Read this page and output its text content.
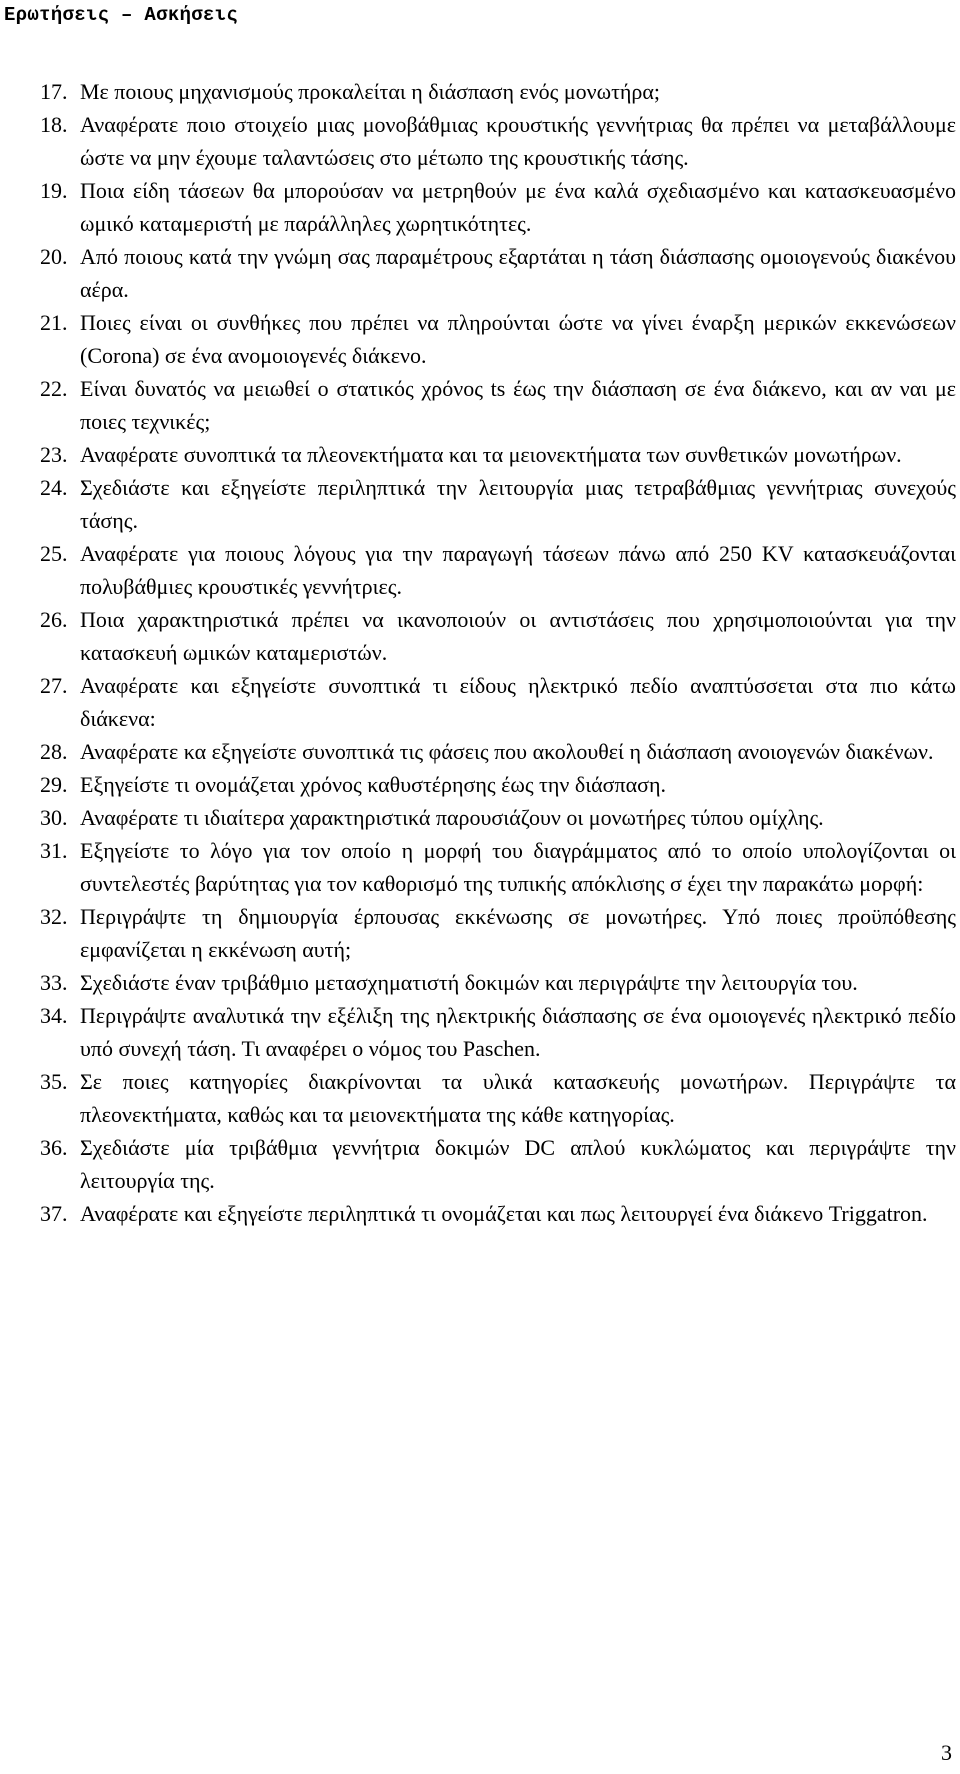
Ερωτήσεις – Ασκήσεις
17. Με ποιους μηχανισμούς προκαλείται η διάσπαση ενός μονωτήρα;
18. Αναφέρατε ποιο στοιχείο μιας μονοβάθμιας κρουστικής γεννήτριας θα πρέπει να μεταβάλλουμε ώστε να μην έχουμε ταλαντώσεις στο μέτωπο της κρουστικής τάσης.
19. Ποια είδη τάσεων θα μπορούσαν να μετρηθούν με ένα καλά σχεδιασμένο και κατασκευασμένο ωμικό καταμεριστή με παράλληλες χωρητικότητες.
20. Από ποιους κατά την γνώμη σας παραμέτρους εξαρτάται η τάση διάσπασης ομοιογενούς διακένου αέρα.
21. Ποιες είναι οι συνθήκες που πρέπει να πληρούνται ώστε να γίνει έναρξη μερικών εκκενώσεων (Corona) σε ένα ανομοιογενές διάκενο.
22. Είναι δυνατός να μειωθεί ο στατικός χρόνος ts έως την διάσπαση σε ένα διάκενο, και αν ναι με ποιες τεχνικές;
23. Αναφέρατε συνοπτικά τα πλεονεκτήματα και τα μειονεκτήματα των συνθετικών μονωτήρων.
24. Σχεδιάστε και εξηγείστε περιληπτικά την λειτουργία μιας τετραβάθμιας γεννήτριας συνεχούς τάσης.
25. Αναφέρατε για ποιους λόγους για την παραγωγή τάσεων πάνω από 250 KV κατασκευάζονται πολυβάθμιες κρουστικές γεννήτριες.
26. Ποια χαρακτηριστικά πρέπει να ικανοποιούν οι αντιστάσεις που χρησιμοποιούνται για την κατασκευή ωμικών καταμεριστών.
27. Αναφέρατε και εξηγείστε συνοπτικά τι είδους ηλεκτρικό πεδίο αναπτύσσεται στα πιο κάτω διάκενα:
28. Αναφέρατε κα εξηγείστε συνοπτικά τις φάσεις που ακολουθεί η διάσπαση ανοιογενών διακένων.
29. Εξηγείστε τι ονομάζεται χρόνος καθυστέρησης έως την διάσπαση.
30. Αναφέρατε τι ιδιαίτερα χαρακτηριστικά παρουσιάζουν οι μονωτήρες τύπου ομίχλης.
31. Εξηγείστε το λόγο για τον οποίο η μορφή του διαγράμματος από το οποίο υπολογίζονται οι συντελεστές βαρύτητας για τον καθορισμό της τυπικής απόκλισης σ έχει την παρακάτω μορφή:
32. Περιγράψτε τη δημιουργία έρπουσας εκκένωσης σε μονωτήρες. Υπό ποιες προϋπόθεσης εμφανίζεται η εκκένωση αυτή;
33. Σχεδιάστε έναν τριβάθμιο μετασχηματιστή δοκιμών και περιγράψτε την λειτουργία του.
34. Περιγράψτε αναλυτικά την εξέλιξη της ηλεκτρικής διάσπασης σε ένα ομοιογενές ηλεκτρικό πεδίο υπό συνεχή τάση. Τι αναφέρει ο νόμος του Paschen.
35. Σε ποιες κατηγορίες διακρίνονται τα υλικά κατασκευής μονωτήρων. Περιγράψτε τα πλεονεκτήματα, καθώς και τα μειονεκτήματα της κάθε κατηγορίας.
36. Σχεδιάστε μία τριβάθμια γεννήτρια δοκιμών DC απλού κυκλώματος και περιγράψτε την λειτουργία της.
37. Αναφέρατε και εξηγείστε περιληπτικά τι ονομάζεται και πως λειτουργεί ένα διάκενο Triggatron.
3
